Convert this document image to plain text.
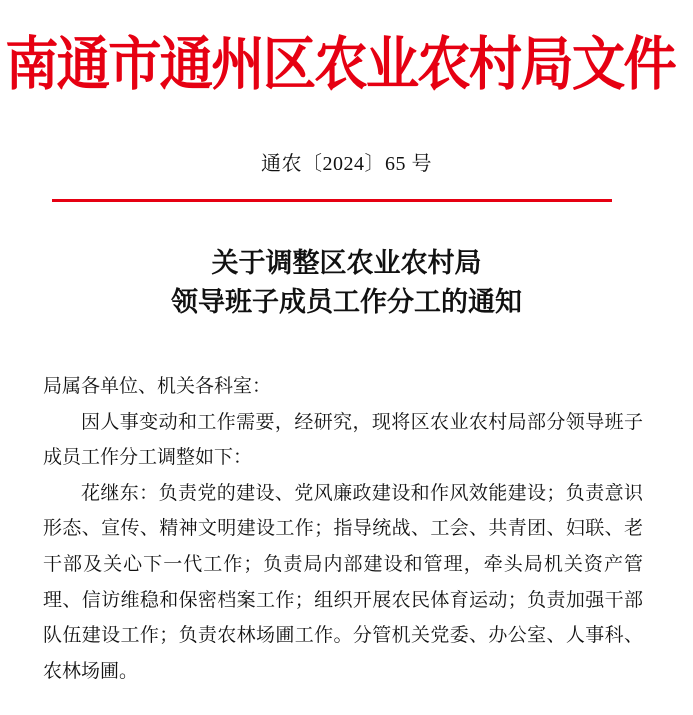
南通市通州区农业农村局文件
通农〔2024〕65 号
关于调整区农业农村局
领导班子成员工作分工的通知

局属各单位、机关各科室：

因人事变动和工作需要，经研究，现将区农业农村局部分领导班子成员工作分工调整如下：

花继东：负责党的建设、党风廉政建设和作风效能建设；负责意识形态、宣传、精神文明建设工作；指导统战、工会、共青团、妇联、老干部及关心下一代工作；负责局内部建设和管理，牵头局机关资产管理、信访维稳和保密档案工作；组织开展农民体育运动；负责加强干部队伍建设工作；负责农林场圃工作。分管机关党委、办公室、人事科、农林场圃。
